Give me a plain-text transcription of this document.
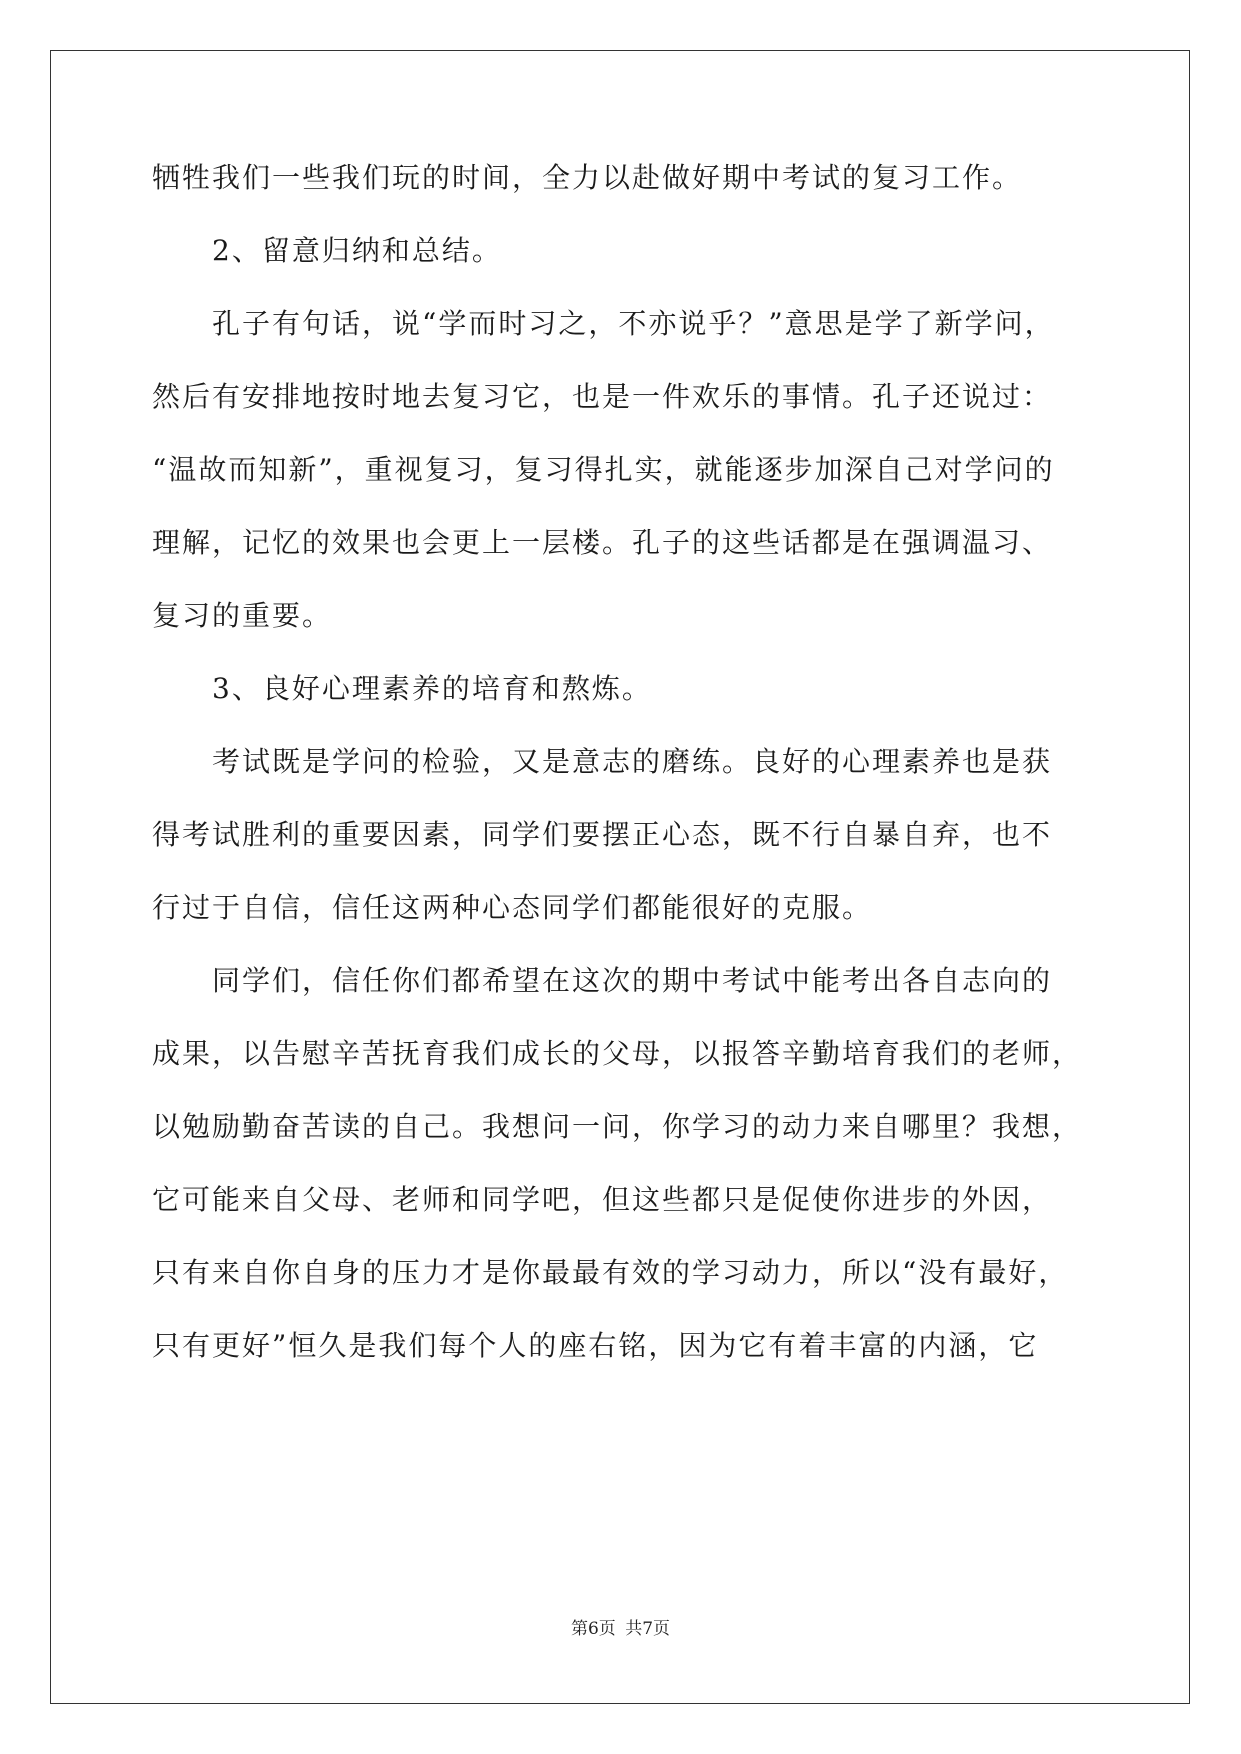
牺牲我们一些我们玩的时间，全力以赴做好期中考试的复习工作。
2、留意归纳和总结。
孔子有句话，说“学而时习之，不亦说乎？”意思是学了新学问，
然后有安排地按时地去复习它，也是一件欢乐的事情。孔子还说过：
“温故而知新”，重视复习，复习得扎实，就能逐步加深自己对学问的
理解，记忆的效果也会更上一层楼。孔子的这些话都是在强调温习、
复习的重要。
3、良好心理素养的培育和熬炼。
考试既是学问的检验，又是意志的磨练。良好的心理素养也是获
得考试胜利的重要因素，同学们要摆正心态，既不行自暴自弃，也不
行过于自信，信任这两种心态同学们都能很好的克服。
同学们，信任你们都希望在这次的期中考试中能考出各自志向的
成果，以告慰辛苦抚育我们成长的父母，以报答辛勤培育我们的老师，
以勉励勤奋苦读的自己。我想问一问，你学习的动力来自哪里？我想，
它可能来自父母、老师和同学吧，但这些都只是促使你进步的外因，
只有来自你自身的压力才是你最最有效的学习动力，所以“没有最好，
只有更好”恒久是我们每个人的座右铭，因为它有着丰富的内涵，它
第6页 共7页
